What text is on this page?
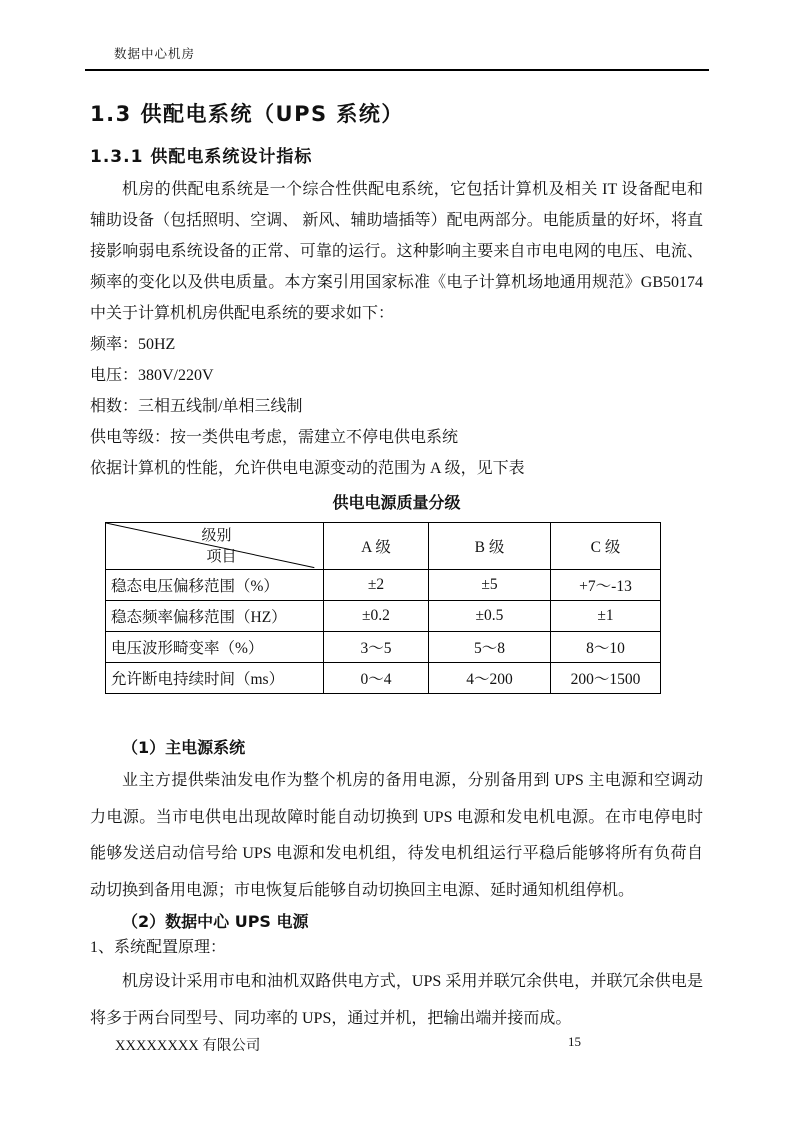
数据中心机房
1.3 供配电系统（UPS 系统）
1.3.1 供配电系统设计指标

机房的供配电系统是一个综合性供配电系统，它包括计算机及相关 IT 设备配电和辅助设备（包括照明、空调、 新风、辅助墙插等）配电两部分。电能质量的好坏，将直接影响弱电系统设备的正常、可靠的运行。这种影响主要来自市电电网的电压、电流、频率的变化以及供电质量。本方案引用国家标准《电子计算机场地通用规范》GB50174 中关于计算机机房供配电系统的要求如下：

频率：50HZ

电压：380V/220V

相数：三相五线制/单相三线制

供电等级：按一类供电考虑，需建立不停电供电系统

依据计算机的性能，允许供电电源变动的范围为 A 级，见下表

供电电源质量分级
级别
项目	A 级	B 级	C 级
稳态电压偏移范围（%）	±2	±5	+7～-13
稳态频率偏移范围（HZ）	±0.2	±0.5	±1
电压波形畸变率（%）	3～5	5～8	8～10
允许断电持续时间（ms）	0～4	4～200	200～1500

（1）主电源系统

业主方提供柴油发电作为整个机房的备用电源，分别备用到 UPS 主电源和空调动力电源。当市电供电出现故障时能自动切换到 UPS 电源和发电机电源。在市电停电时能够发送启动信号给 UPS 电源和发电机组，待发电机组运行平稳后能够将所有负荷自动切换到备用电源；市电恢复后能够自动切换回主电源、延时通知机组停机。

（2）数据中心 UPS 电源

1、系统配置原理：

机房设计采用市电和油机双路供电方式，UPS 采用并联冗余供电，并联冗余供电是将多于两台同型号、同功率的 UPS，通过并机，把输出端并接而成。

XXXXXXXX 有限公司	15
